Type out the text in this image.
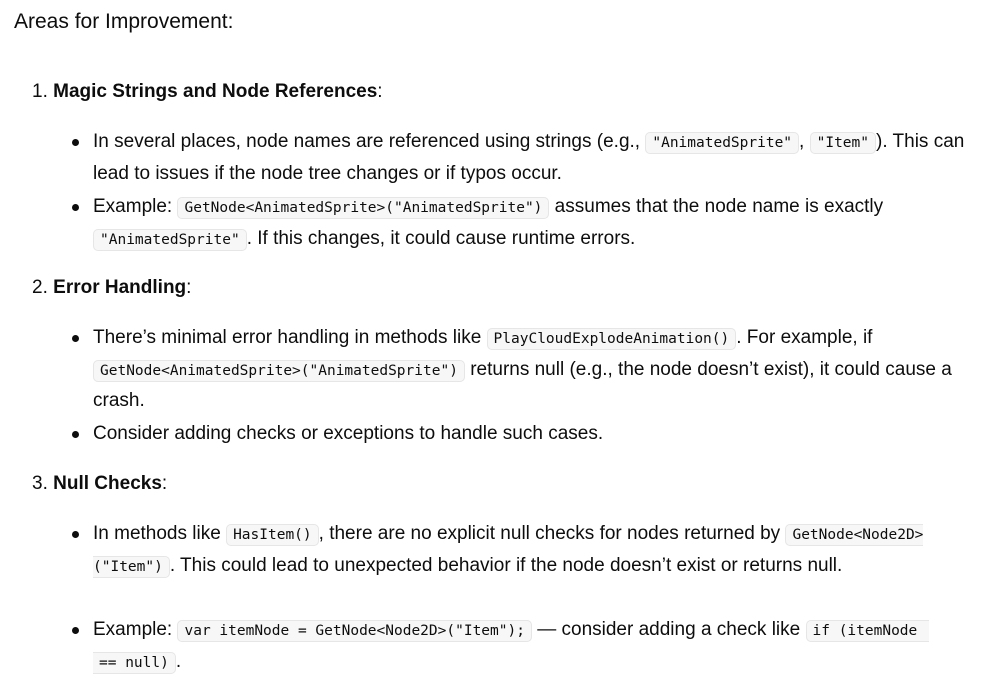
Areas for Improvement:
1. Magic Strings and Node References:
In several places, node names are referenced using strings (e.g., "AnimatedSprite" , "Item" ). This can lead to issues if the node tree changes or if typos occur.
Example: GetNode<AnimatedSprite>("AnimatedSprite") assumes that the node name is exactly "AnimatedSprite" . If this changes, it could cause runtime errors.
2. Error Handling:
There’s minimal error handling in methods like PlayCloudExplodeAnimation() . For example, if GetNode<AnimatedSprite>("AnimatedSprite") returns null (e.g., the node doesn’t exist), it could cause a crash.
Consider adding checks or exceptions to handle such cases.
3. Null Checks:
In methods like HasItem() , there are no explicit null checks for nodes returned by GetNode<Node2D>("Item") . This could lead to unexpected behavior if the node doesn’t exist or returns null.
Example: var itemNode = GetNode<Node2D>("Item"); — consider adding a check like if (itemNode
== null) .
